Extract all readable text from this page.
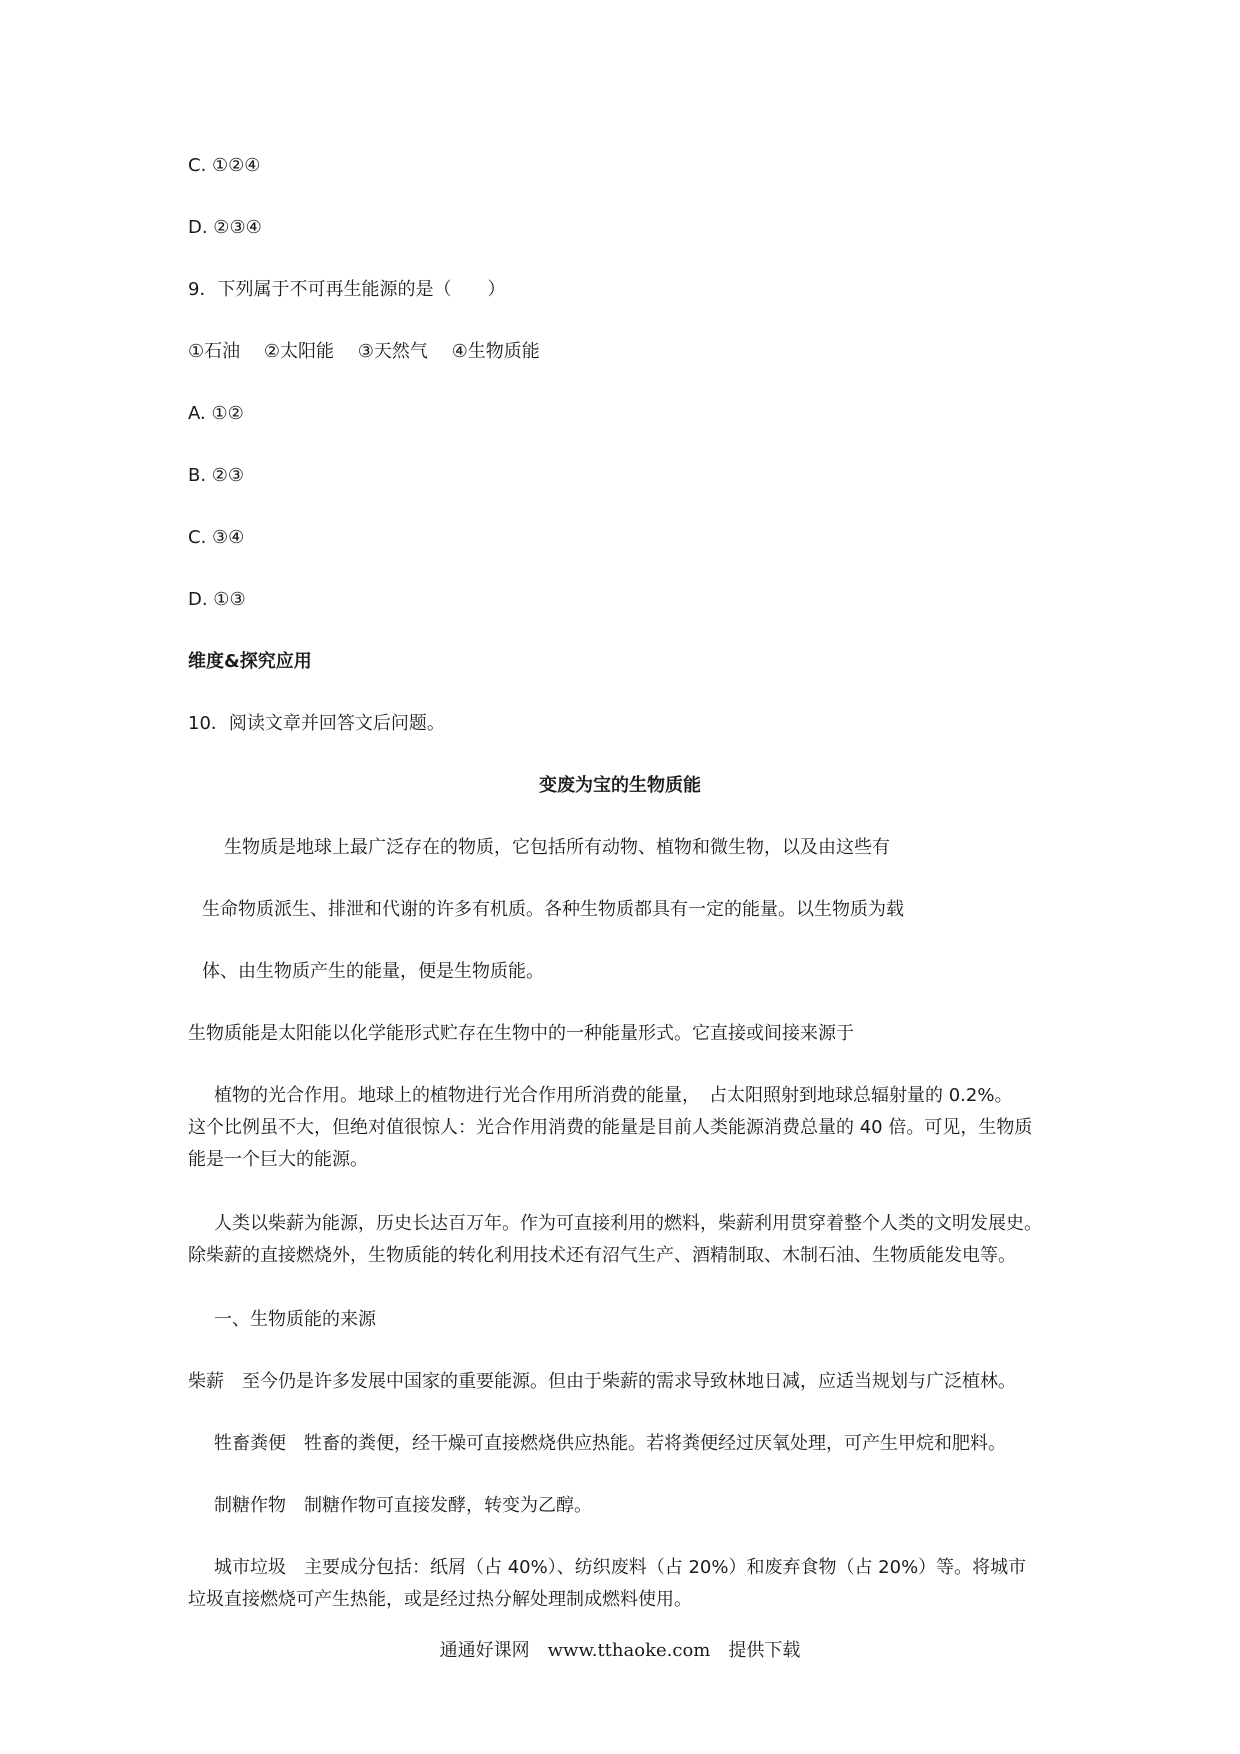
C. ①②④
D. ②③④
9．下列属于不可再生能源的是（　　）
①石油　 ②太阳能　 ③天然气　 ④生物质能
A. ①②
B. ②③
C. ③④
D. ①③
维度&探究应用
10．阅读文章并回答文后问题。
变废为宝的生物质能
生物质是地球上最广泛存在的物质，它包括所有动物、植物和微生物，以及由这些有
生命物质派生、排泄和代谢的许多有机质。各种生物质都具有一定的能量。以生物质为载
体、由生物质产生的能量，便是生物质能。
生物质能是太阳能以化学能形式贮存在生物中的一种能量形式。它直接或间接来源于
植物的光合作用。地球上的植物进行光合作用所消费的能量，　占太阳照射到地球总辐射量的 0.2%。
这个比例虽不大，但绝对值很惊人：光合作用消费的能量是目前人类能源消费总量的 40 倍。可见，生物质
能是一个巨大的能源。
人类以柴薪为能源，历史长达百万年。作为可直接利用的燃料，柴薪利用贯穿着整个人类的文明发展史。
除柴薪的直接燃烧外，生物质能的转化利用技术还有沼气生产、酒精制取、木制石油、生物质能发电等。
一、生物质能的来源
柴薪　至今仍是许多发展中国家的重要能源。但由于柴薪的需求导致林地日减，应适当规划与广泛植林。
牲畜粪便　牲畜的粪便，经干燥可直接燃烧供应热能。若将粪便经过厌氧处理，可产生甲烷和肥料。
制糖作物　制糖作物可直接发酵，转变为乙醇。
城市垃圾　主要成分包括：纸屑（占 40%）、纺织废料（占 20%）和废弃食物（占 20%）等。将城市
垃圾直接燃烧可产生热能，或是经过热分解处理制成燃料使用。
通通好课网　www.tthaoke.com　提供下载
